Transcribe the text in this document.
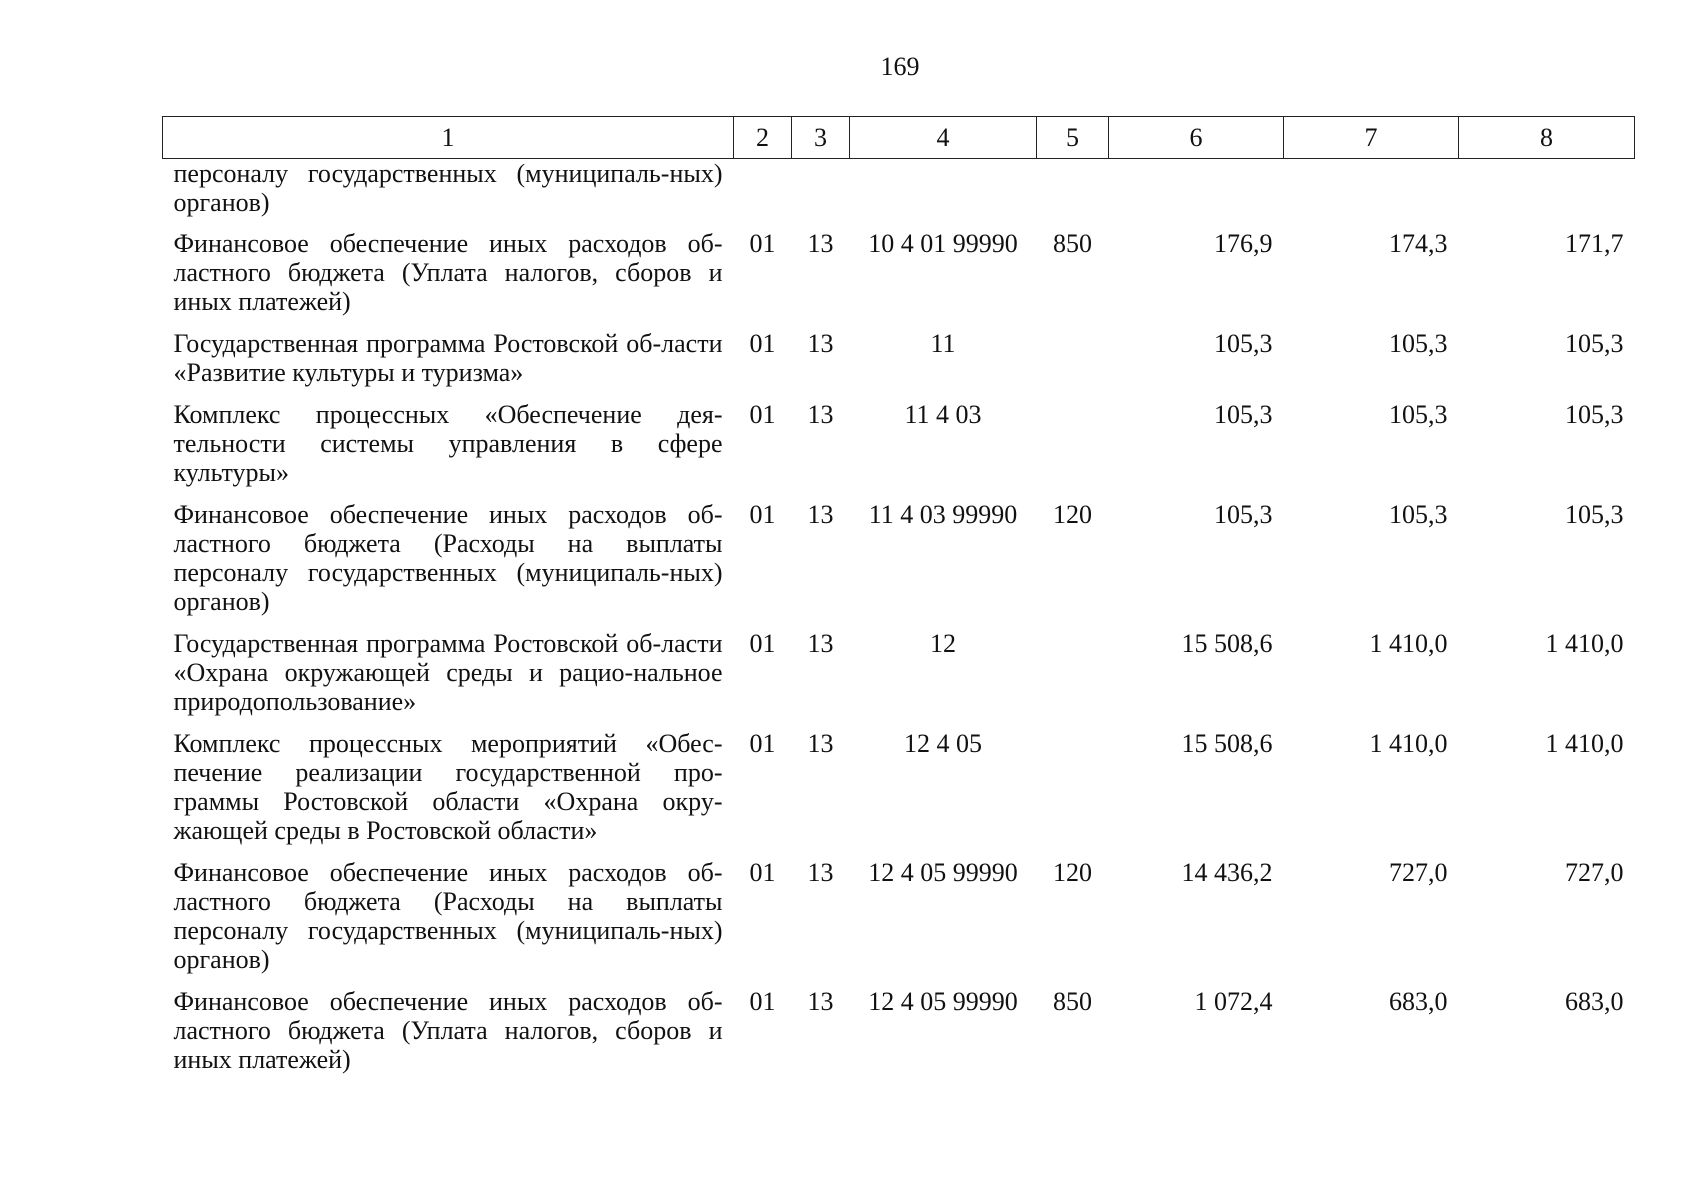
169
1	2	3	4	5	6	7	8
персоналу государственных (муниципаль-ных) органов)							
Финансовое обеспечение иных расходов об-ластного бюджета (Уплата налогов, сборов и иных платежей)	01	13	10 4 01 99990	850	176,9	174,3	171,7
Государственная программа Ростовской об-ласти «Развитие культуры и туризма»	01	13	11		105,3	105,3	105,3
Комплекс процессных «Обеспечение дея-тельности системы управления в сфере культуры»	01	13	11 4 03		105,3	105,3	105,3
Финансовое обеспечение иных расходов об-ластного бюджета (Расходы на выплаты персоналу государственных (муниципаль-ных) органов)	01	13	11 4 03 99990	120	105,3	105,3	105,3
Государственная программа Ростовской об-ласти «Охрана окружающей среды и рацио-нальное природопользование»	01	13	12		15 508,6	1 410,0	1 410,0
Комплекс процессных мероприятий «Обес-печение реализации государственной про-граммы Ростовской области «Охрана окру-жающей среды в Ростовской области»	01	13	12 4 05		15 508,6	1 410,0	1 410,0
Финансовое обеспечение иных расходов об-ластного бюджета (Расходы на выплаты персоналу государственных (муниципаль-ных) органов)	01	13	12 4 05 99990	120	14 436,2	727,0	727,0
Финансовое обеспечение иных расходов об-ластного бюджета (Уплата налогов, сборов и иных платежей)	01	13	12 4 05 99990	850	1 072,4	683,0	683,0
